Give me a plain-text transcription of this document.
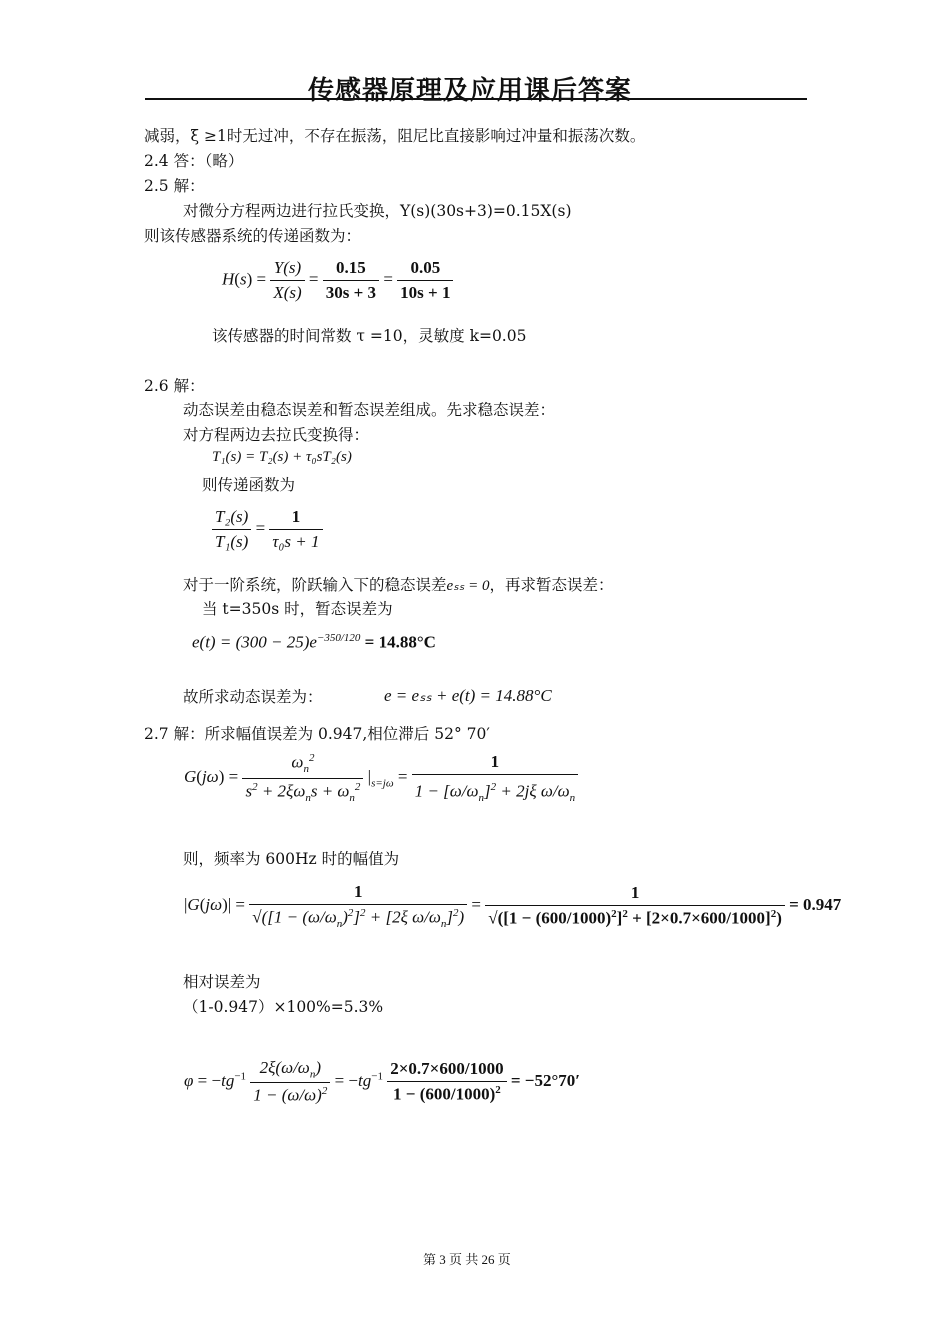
传感器原理及应用课后答案
减弱，ξ ≥1时无过冲，不存在振荡，阻尼比直接影响过冲量和振荡次数。
2.4 答：（略）
2.5 解：
对微分方程两边进行拉氏变换，Y(s)(30s+3)=0.15X(s)
则该传感器系统的传递函数为：
$H(s) = \frac{Y(s)}{X(s)} = \frac{0.15}{30s + 3} = \frac{0.05}{10s + 1}$
该传感器的时间常数 τ =10，灵敏度 k=0.05
2.6 解：
动态误差由稳态误差和暂态误差组成。先求稳态误差：
对方程两边去拉氏变换得：
T₁(s) = T₂(s) + τ₀sT₂(s)
则传递函数为
$\frac{\text{T₂(s)}}{\text{T₁(s)}} = \frac{1}{\text{τ₀s + 1}}$
对于一阶系统，阶跃输入下的稳态误差eₛₛ = 0，再求暂态误差：
当 t=350s 时，暂态误差为
$e(t) = (300 - 25)e^{-350/120} = 14.88^\circ C$
故所求动态误差为：	e = eₛₛ + e(t) = 14.88°C
2.7 解：所求幅值误差为 0.947,相位滞后 52° 70′
$G(j\omega) = \frac{\omega_n^2}{s^2 + 2\xi\omega_ns + \omega_n^2} |_{s=j\omega} = \frac{1}{1 - [\omega/\omega_n]^2 + 2j\xi \omega/\omega_n}$
则，频率为 600Hz 时的幅值为
$|G(j\omega)| = \frac{1}{√([1 - (\omega/\omega_n)^2]^2 + [2\xi \omega/\omega_n]^2)} = \frac{1}{√([1 - (600/1000)^2]^2 + [2\times 0.7\times 600/1000]^2)} = 0.947$
相对误差为
（1-0.947）×100%=5.3%
$\varphi = -tg^{-1} \frac{2\xi(\omega/\omega_n)}{1 - (\omega/\omega)^2} = -tg^{-1} \frac{2\times 0.7\times 600/1000}{1 - (600/1000)^2} = -52^\circ 70'$
第 3 页 共 26 页
